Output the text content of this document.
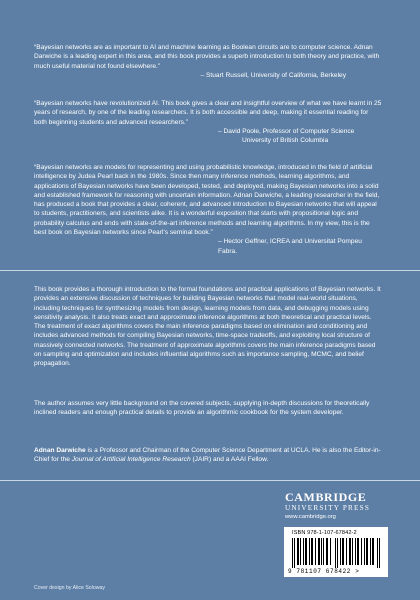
“Bayesian networks are as important to AI and machine learning as Boolean circuits are to computer science. Adnan Darwiche is a leading expert in this area, and this book provides a superb introduction to both theory and practice, with much useful material not found elsewhere.”
– Stuart Russell, University of California, Berkeley

“Bayesian networks have revolutionized AI. This book gives a clear and insightful overview of what we have learnt in 25 years of research, by one of the leading researchers. It is both accessible and deep, making it essential reading for both beginning students and advanced researchers.”
– David Poole, Professor of Computer Science
University of British Columbia

“Bayesian networks are models for representing and using probabilistic knowledge, introduced in the field of artificial intelligence by Judea Pearl back in the 1980s. Since then many inference methods, learning algorithms, and applications of Bayesian networks have been developed, tested, and deployed, making Bayesian networks into a solid and established framework for reasoning with uncertain information. Adnan Darwiche, a leading researcher in the field, has produced a book that provides a clear, coherent, and advanced introduction to Bayesian networks that will appeal to students, practitioners, and scientists alike. It is a wonderful exposition that starts with propositional logic and probability calculus and ends with state-of-the-art inference methods and learning algorithms. In my view, this is the best book on Bayesian networks since Pearl’s seminal book.”
– Hector Geffner, ICREA and Universitat Pompeu Fabra.

This book provides a thorough introduction to the formal foundations and practical applications of Bayesian networks. It provides an extensive discussion of techniques for building Bayesian networks that model real-world situations, including techniques for synthesizing models from design, learning models from data, and debugging models using sensitivity analysis. It also treats exact and approximate inference algorithms at both theoretical and practical levels. The treatment of exact algorithms covers the main inference paradigms based on elimination and conditioning and includes advanced methods for compiling Bayesian networks, time-space tradeoffs, and exploiting local structure of massively connected networks. The treatment of approximate algorithms covers the main inference paradigms based on sampling and optimization and includes influential algorithms such as importance sampling, MCMC, and belief propagation.

The author assumes very little background on the covered subjects, supplying in-depth discussions for theoretically inclined readers and enough practical details to provide an algorithmic cookbook for the system developer.

Adnan Darwiche is a Professor and Chairman of the Computer Science Department at UCLA. He is also the Editor-in-Chief for the Journal of Artificial Intelligence Research (JAIR) and a AAAI Fellow.

CAMBRIDGE
UNIVERSITY PRESS
www.cambridge.org
ISBN 978-1-107-67842-2
9 781107 678422 >
Cover design by Alice Soloway
